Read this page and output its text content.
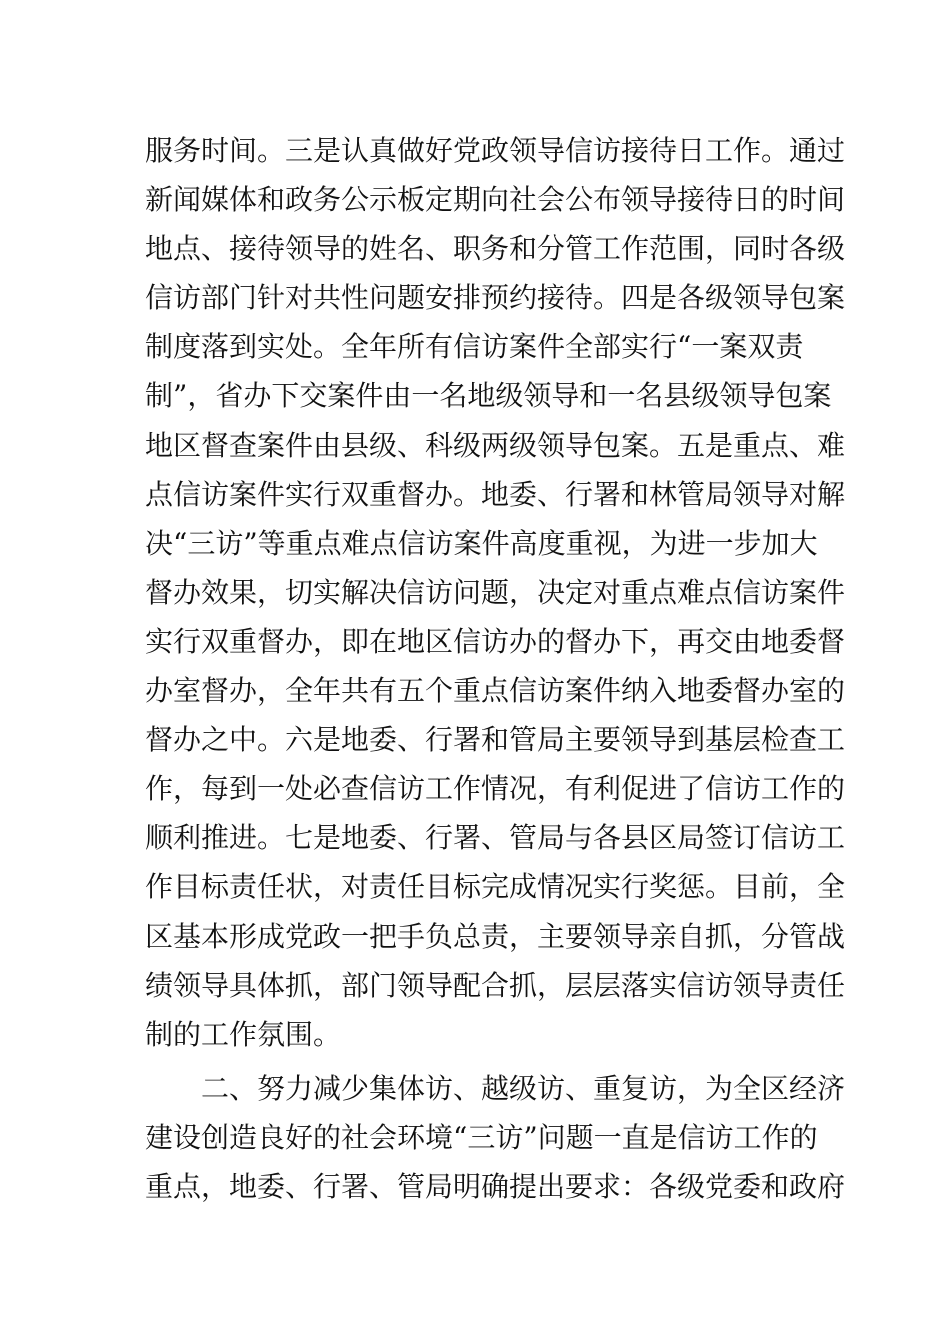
服务时间。三是认真做好党政领导信访接待日工作。通过
新闻媒体和政务公示板定期向社会公布领导接待日的时间
地点、接待领导的姓名、职务和分管工作范围，同时各级
信访部门针对共性问题安排预约接待。四是各级领导包案
制度落到实处。全年所有信访案件全部实行“一案双责
制”，省办下交案件由一名地级领导和一名县级领导包案
地区督查案件由县级、科级两级领导包案。五是重点、难
点信访案件实行双重督办。地委、行署和林管局领导对解
决“三访”等重点难点信访案件高度重视，为进一步加大
督办效果，切实解决信访问题，决定对重点难点信访案件
实行双重督办，即在地区信访办的督办下，再交由地委督
办室督办，全年共有五个重点信访案件纳入地委督办室的
督办之中。六是地委、行署和管局主要领导到基层检查工
作，每到一处必查信访工作情况，有利促进了信访工作的
顺利推进。七是地委、行署、管局与各县区局签订信访工
作目标责任状，对责任目标完成情况实行奖惩。目前，全
区基本形成党政一把手负总责，主要领导亲自抓，分管战
绩领导具体抓，部门领导配合抓，层层落实信访领导责任
制的工作氛围。
二、努力减少集体访、越级访、重复访，为全区经济
建设创造良好的社会环境“三访”问题一直是信访工作的
重点，地委、行署、管局明确提出要求：各级党委和政府
